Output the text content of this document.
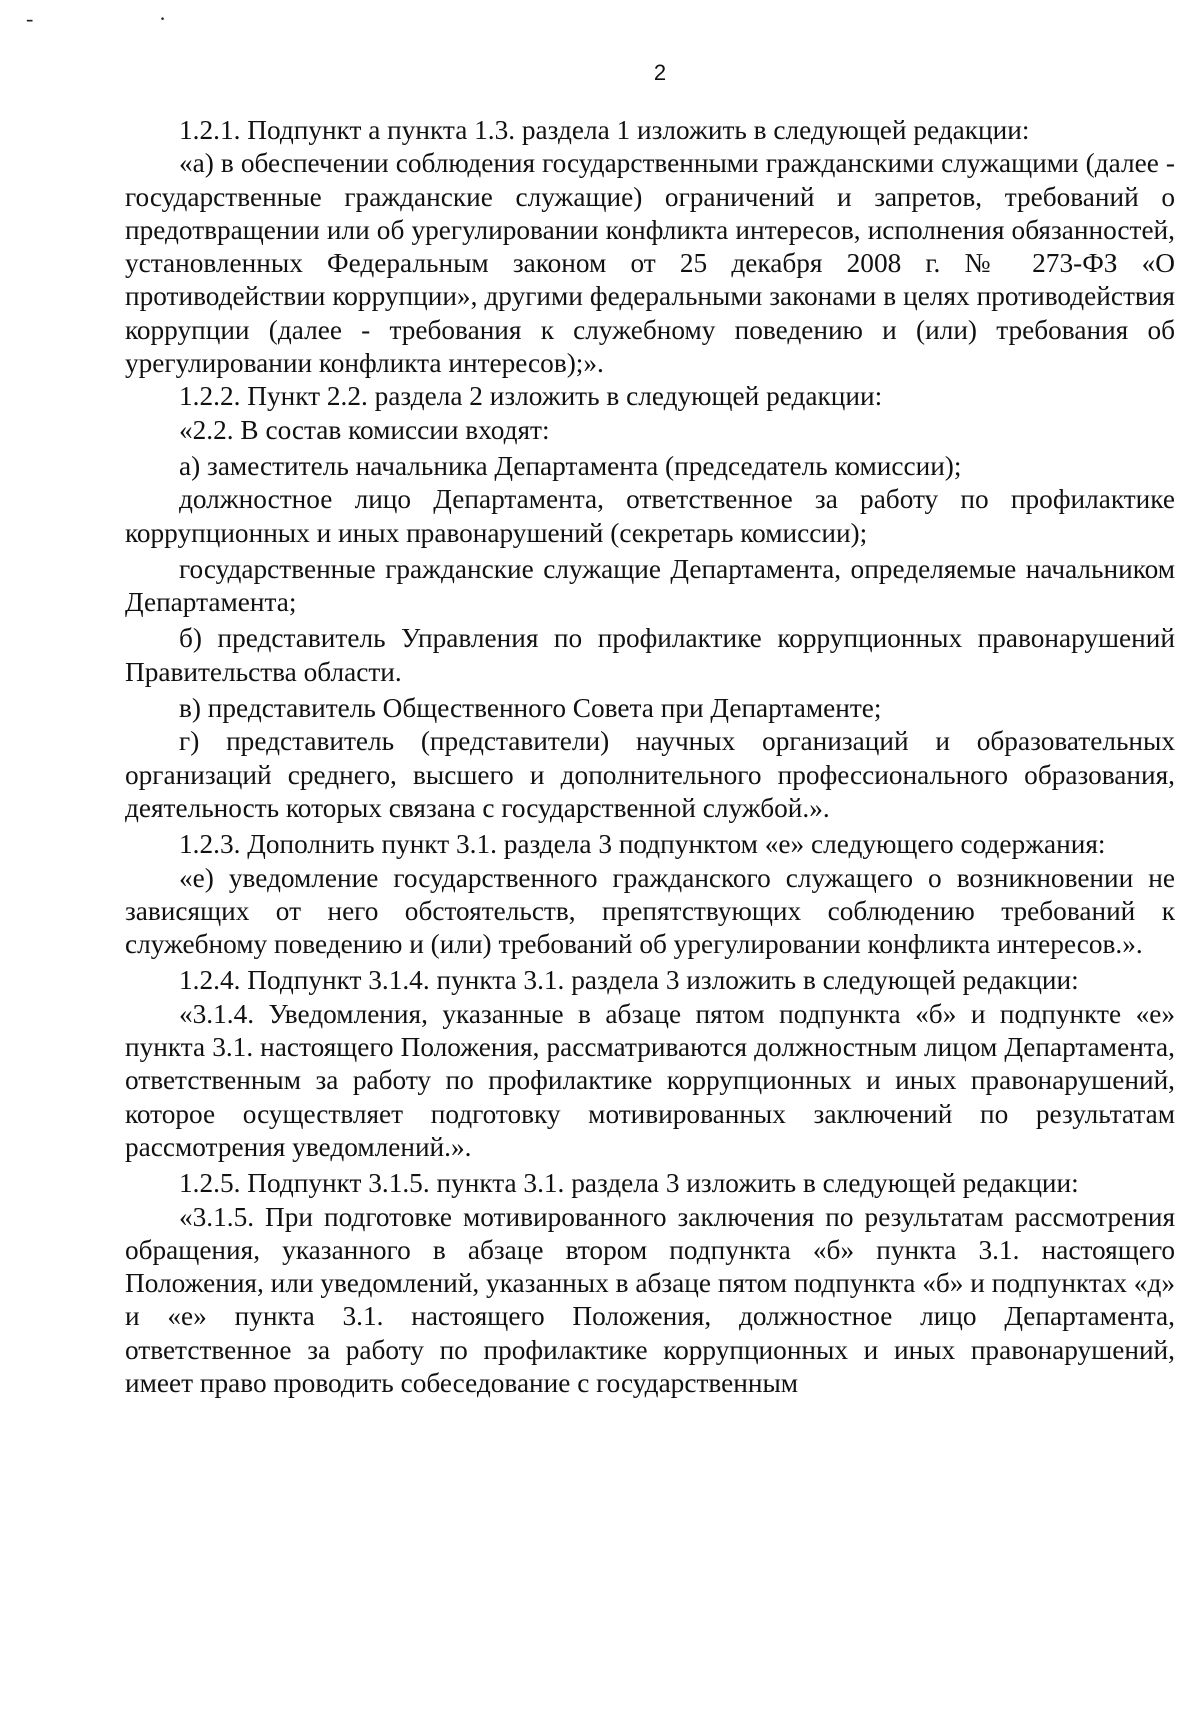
- ·
2

1.2.1. Подпункт а пункта 1.3. раздела 1 изложить в следующей редакции:

«а) в обеспечении соблюдения государственными гражданскими служащими (далее - государственные гражданские служащие) ограничений и запретов, требований о предотвращении или об урегулировании конфликта интересов, исполнения обязанностей, установленных Федеральным законом от 25 декабря 2008 г. № 273-ФЗ «О противодействии коррупции», другими федеральными законами в целях противодействия коррупции (далее - требования к служебному поведению и (или) требования об урегулировании конфликта интересов);».

1.2.2. Пункт 2.2. раздела 2 изложить в следующей редакции:

«2.2. В состав комиссии входят:

а) заместитель начальника Департамента (председатель комиссии);

должностное лицо Департамента, ответственное за работу по профилактике коррупционных и иных правонарушений (секретарь комиссии);

государственные гражданские служащие Департамента, определяемые начальником Департамента;

б) представитель Управления по профилактике коррупционных правонарушений Правительства области.

в) представитель Общественного Совета при Департаменте;

г) представитель (представители) научных организаций и образовательных организаций среднего, высшего и дополнительного профессионального образования, деятельность которых связана с государственной службой.».

1.2.3. Дополнить пункт 3.1. раздела 3 подпунктом «е» следующего содержания:

«е) уведомление государственного гражданского служащего о возникновении не зависящих от него обстоятельств, препятствующих соблюдению требований к служебному поведению и (или) требований об урегулировании конфликта интересов.».

1.2.4. Подпункт 3.1.4. пункта 3.1. раздела 3 изложить в следующей редакции:

«3.1.4. Уведомления, указанные в абзаце пятом подпункта «б» и подпункте «е» пункта 3.1. настоящего Положения, рассматриваются должностным лицом Департамента, ответственным за работу по профилактике коррупционных и иных правонарушений, которое осуществляет подготовку мотивированных заключений по результатам рассмотрения уведомлений.».

1.2.5. Подпункт 3.1.5. пункта 3.1. раздела 3 изложить в следующей редакции:

«3.1.5. При подготовке мотивированного заключения по результатам рассмотрения обращения, указанного в абзаце втором подпункта «б» пункта 3.1. настоящего Положения, или уведомлений, указанных в абзаце пятом подпункта «б» и подпунктах «д» и «е» пункта 3.1. настоящего Положения, должностное лицо Департамента, ответственное за работу по профилактике коррупционных и иных правонарушений, имеет право проводить собеседование с государственным
